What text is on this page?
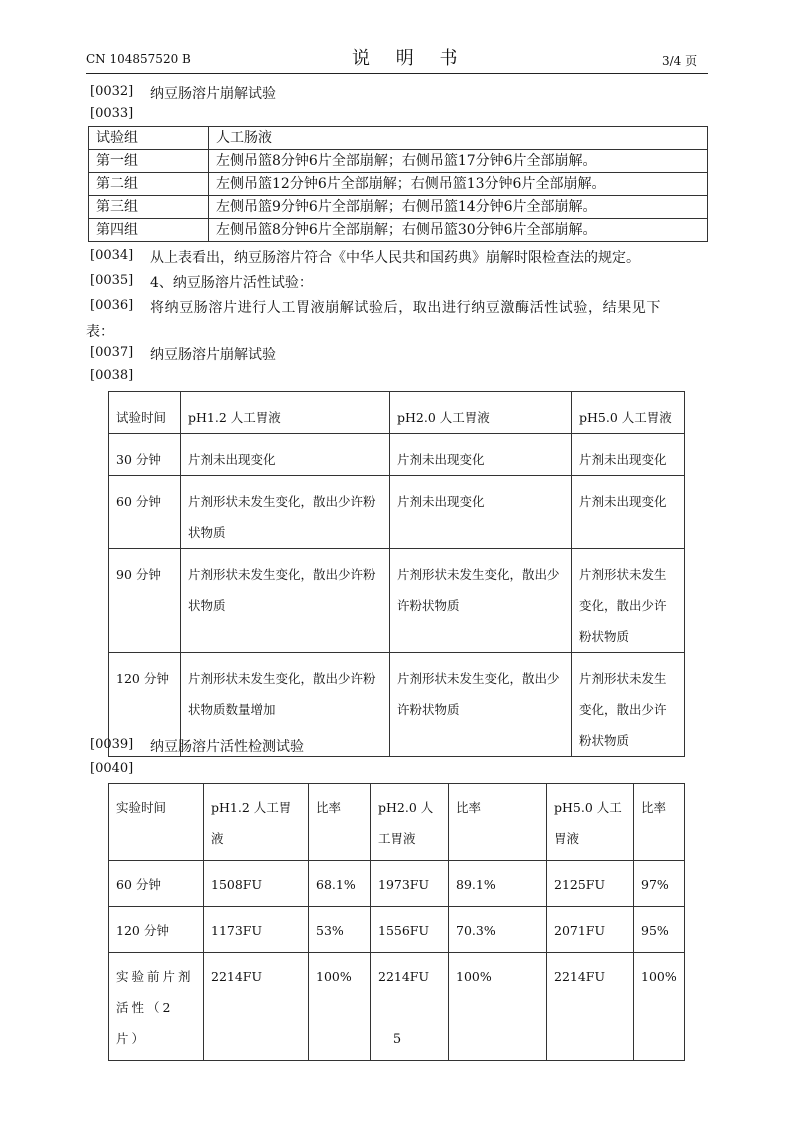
CN 104857520 B	说 明 书	3/4 页
[0032] 纳豆肠溶片崩解试验
[0033]
试验组	人工肠液
第一组	左侧吊篮8分钟6片全部崩解；右侧吊篮17分钟6片全部崩解。
第二组	左侧吊篮12分钟6片全部崩解；右侧吊篮13分钟6片全部崩解。
第三组	左侧吊篮9分钟6片全部崩解；右侧吊篮14分钟6片全部崩解。
第四组	左侧吊篮8分钟6片全部崩解；右侧吊篮30分钟6片全部崩解。
[0034] 从上表看出，纳豆肠溶片符合《中华人民共和国药典》崩解时限检查法的规定。
[0035] 4、纳豆肠溶片活性试验：
[0036] 将纳豆肠溶片进行人工胃液崩解试验后，取出进行纳豆激酶活性试验，结果见下
表：
[0037] 纳豆肠溶片崩解试验
[0038]
试验时间	pH1.2 人工胃液	pH2.0 人工胃液	pH5.0 人工胃液
30 分钟	片剂未出现变化	片剂未出现变化	片剂未出现变化
60 分钟	片剂形状未发生变化，散出少许粉状物质	片剂未出现变化	片剂未出现变化
90 分钟	片剂形状未发生变化，散出少许粉状物质	片剂形状未发生变化，散出少许粉状物质	片剂形状未发生变化，散出少许粉状物质
120 分钟	片剂形状未发生变化，散出少许粉状物质数量增加	片剂形状未发生变化，散出少许粉状物质	片剂形状未发生变化，散出少许粉状物质
[0039] 纳豆肠溶片活性检测试验
[0040]
实验时间	pH1.2 人工胃液	比率	pH2.0 人工胃液	比率	pH5.0 人工胃液	比率
60 分钟	1508FU	68.1%	1973FU	89.1%	2125FU	97%
120 分钟	1173FU	53%	1556FU	70.3%	2071FU	95%
实验前片剂活性（2片）	2214FU	100%	2214FU	100%	2214FU	100%
5
